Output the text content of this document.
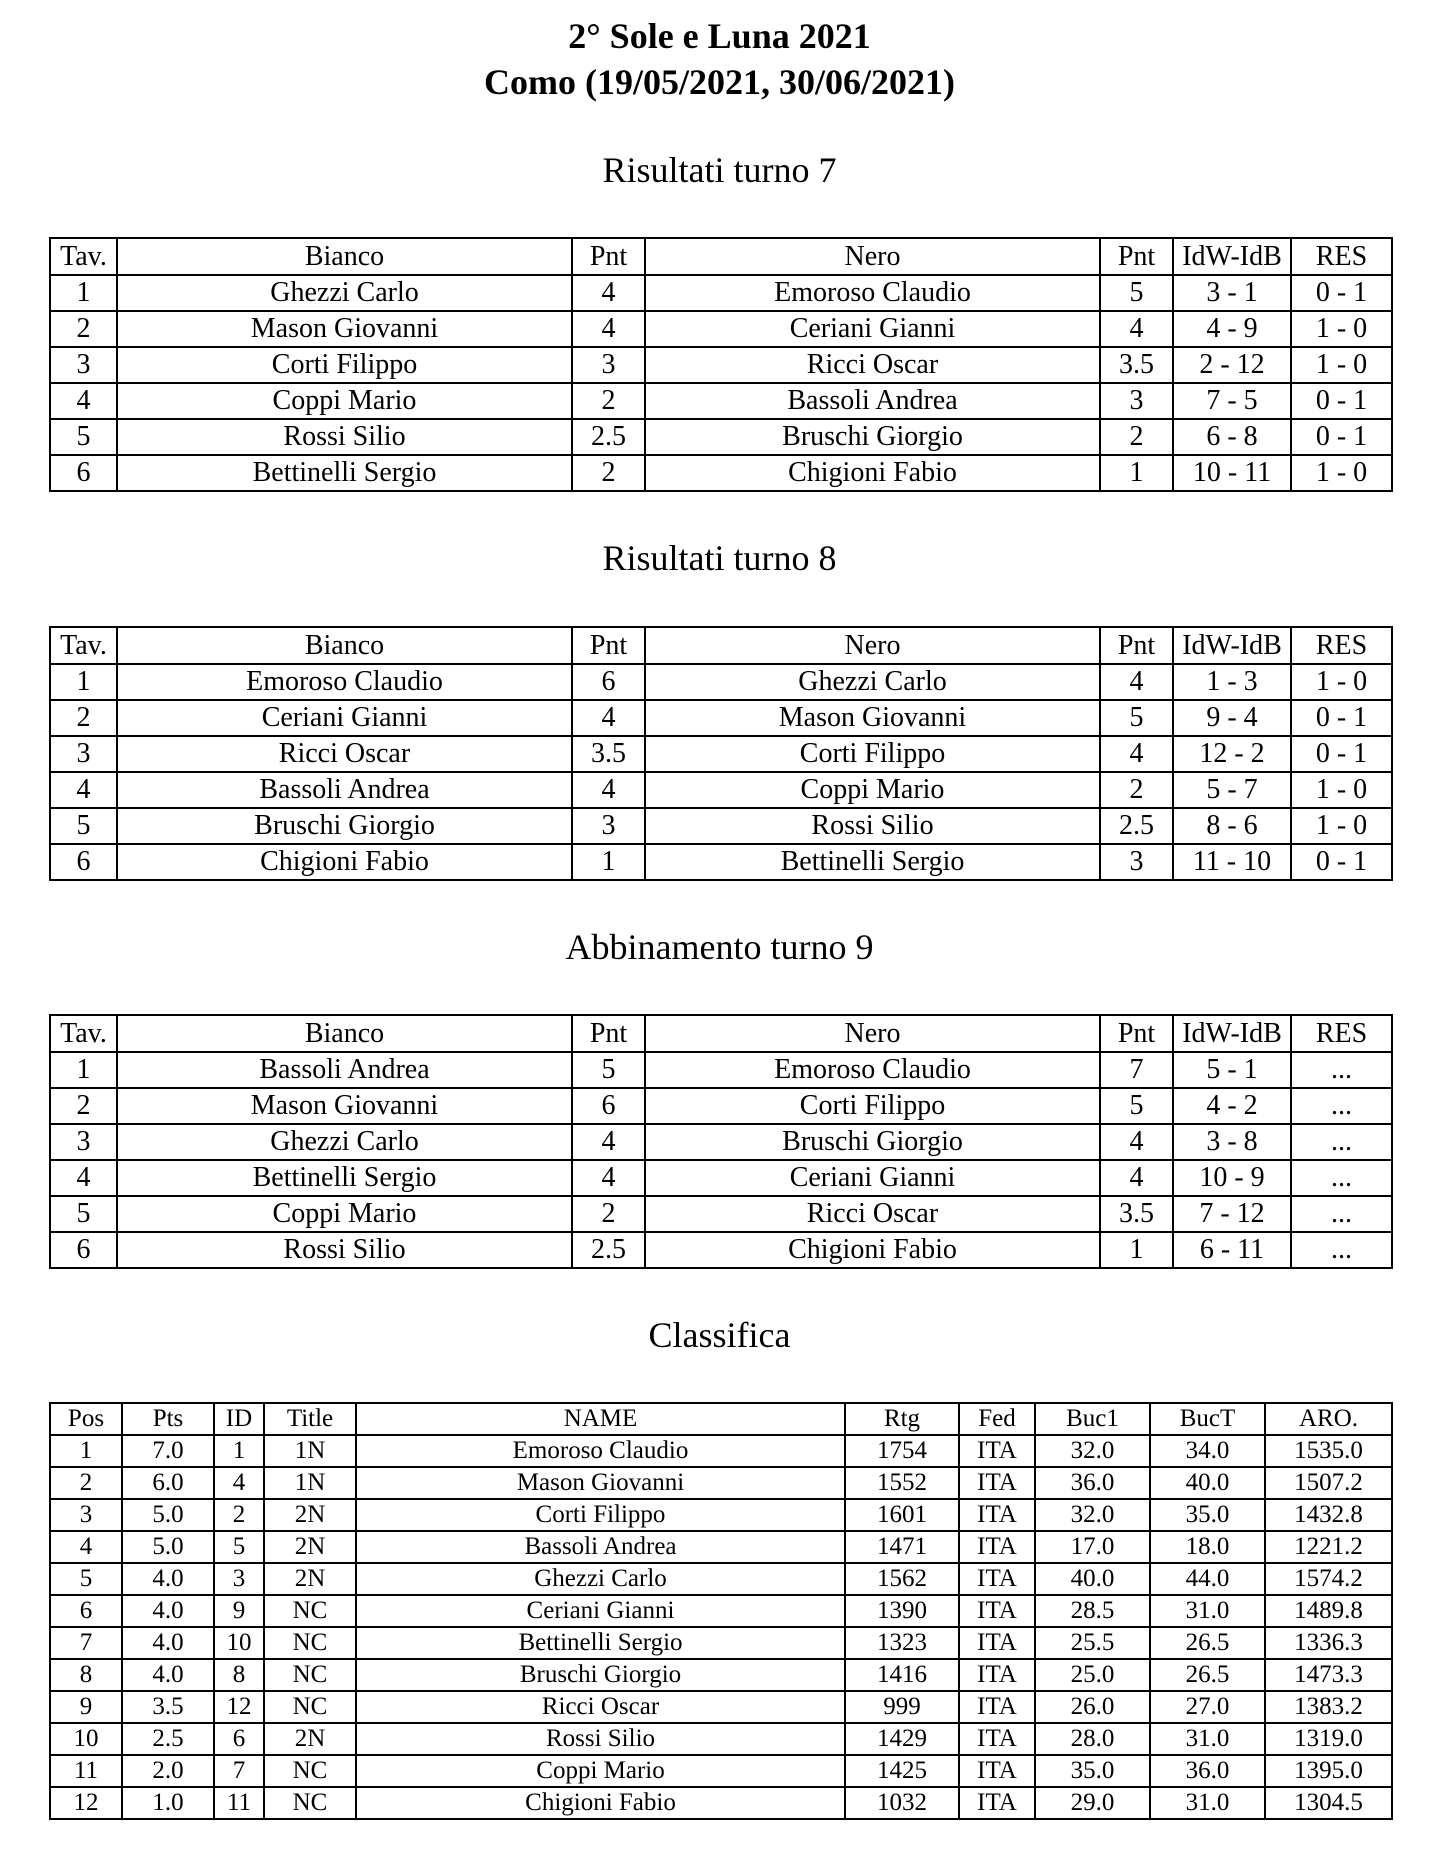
2° Sole e Luna 2021
Como (19/05/2021, 30/06/2021)
Risultati turno 7
Tav.	Bianco	Pnt	Nero	Pnt	IdW-IdB	RES
1	Ghezzi Carlo	4	Emoroso Claudio	5	3 - 1	0 - 1
2	Mason Giovanni	4	Ceriani Gianni	4	4 - 9	1 - 0
3	Corti Filippo	3	Ricci Oscar	3.5	2 - 12	1 - 0
4	Coppi Mario	2	Bassoli Andrea	3	7 - 5	0 - 1
5	Rossi Silio	2.5	Bruschi Giorgio	2	6 - 8	0 - 1
6	Bettinelli Sergio	2	Chigioni Fabio	1	10 - 11	1 - 0
Risultati turno 8
Tav.	Bianco	Pnt	Nero	Pnt	IdW-IdB	RES
1	Emoroso Claudio	6	Ghezzi Carlo	4	1 - 3	1 - 0
2	Ceriani Gianni	4	Mason Giovanni	5	9 - 4	0 - 1
3	Ricci Oscar	3.5	Corti Filippo	4	12 - 2	0 - 1
4	Bassoli Andrea	4	Coppi Mario	2	5 - 7	1 - 0
5	Bruschi Giorgio	3	Rossi Silio	2.5	8 - 6	1 - 0
6	Chigioni Fabio	1	Bettinelli Sergio	3	11 - 10	0 - 1
Abbinamento turno 9
Tav.	Bianco	Pnt	Nero	Pnt	IdW-IdB	RES
1	Bassoli Andrea	5	Emoroso Claudio	7	5 - 1	...
2	Mason Giovanni	6	Corti Filippo	5	4 - 2	...
3	Ghezzi Carlo	4	Bruschi Giorgio	4	3 - 8	...
4	Bettinelli Sergio	4	Ceriani Gianni	4	10 - 9	...
5	Coppi Mario	2	Ricci Oscar	3.5	7 - 12	...
6	Rossi Silio	2.5	Chigioni Fabio	1	6 - 11	...
Classifica
Pos	Pts	ID	Title	NAME	Rtg	Fed	Buc1	BucT	ARO.
1	7.0	1	1N	Emoroso Claudio	1754	ITA	32.0	34.0	1535.0
2	6.0	4	1N	Mason Giovanni	1552	ITA	36.0	40.0	1507.2
3	5.0	2	2N	Corti Filippo	1601	ITA	32.0	35.0	1432.8
4	5.0	5	2N	Bassoli Andrea	1471	ITA	17.0	18.0	1221.2
5	4.0	3	2N	Ghezzi Carlo	1562	ITA	40.0	44.0	1574.2
6	4.0	9	NC	Ceriani Gianni	1390	ITA	28.5	31.0	1489.8
7	4.0	10	NC	Bettinelli Sergio	1323	ITA	25.5	26.5	1336.3
8	4.0	8	NC	Bruschi Giorgio	1416	ITA	25.0	26.5	1473.3
9	3.5	12	NC	Ricci Oscar	999	ITA	26.0	27.0	1383.2
10	2.5	6	2N	Rossi Silio	1429	ITA	28.0	31.0	1319.0
11	2.0	7	NC	Coppi Mario	1425	ITA	35.0	36.0	1395.0
12	1.0	11	NC	Chigioni Fabio	1032	ITA	29.0	31.0	1304.5
